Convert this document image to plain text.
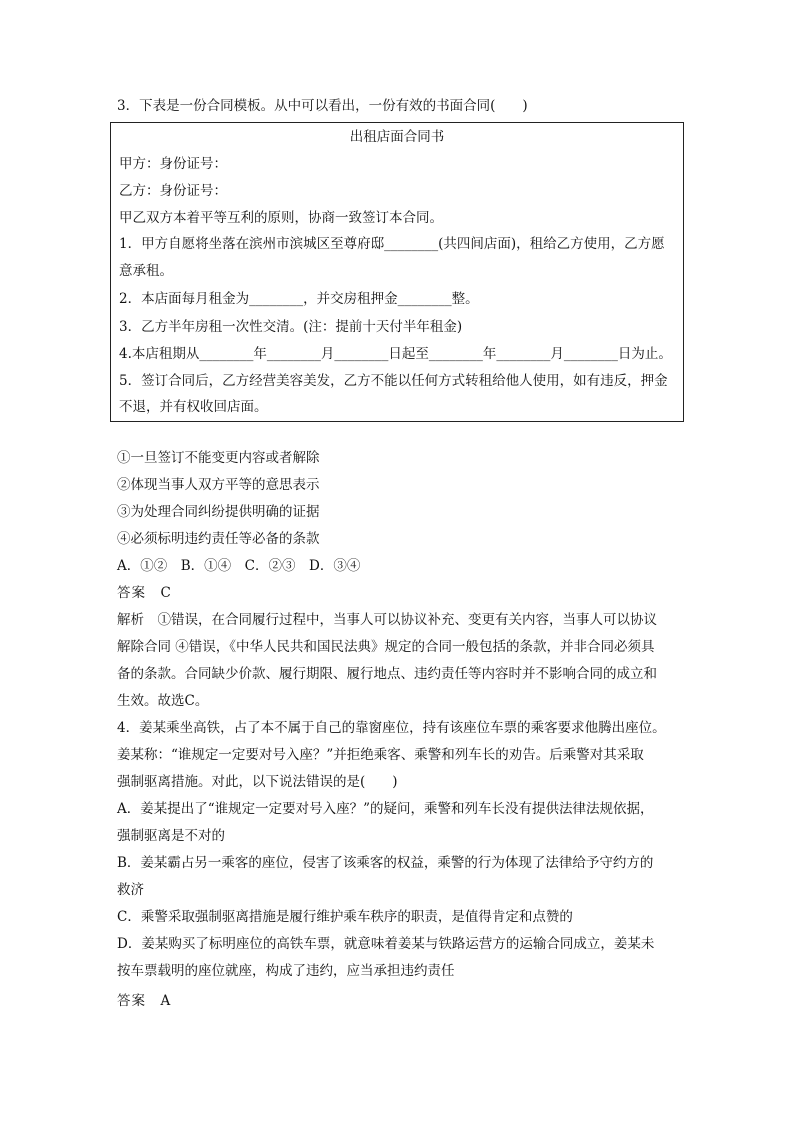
3．下表是一份合同模板。从中可以看出，一份有效的书面合同(　　)
出租店面合同书
甲方：身份证号：
乙方：身份证号：
甲乙双方本着平等互利的原则，协商一致签订本合同。
1．甲方自愿将坐落在滨州市滨城区至尊府邸________(共四间店面)，租给乙方使用，乙方愿
意承租。
2．本店面每月租金为________，并交房租押金________整。
3．乙方半年房租一次性交清。(注：提前十天付半年租金)
4.本店租期从________年________月________日起至________年________月________日为止。
5．签订合同后，乙方经营美容美发，乙方不能以任何方式转租给他人使用，如有违反，押金
不退，并有权收回店面。
①一旦签订不能变更内容或者解除
②体现当事人双方平等的意思表示
③为处理合同纠纷提供明确的证据
④必须标明违约责任等必备的条款
A．①②　B．①④　C．②③　D．③④
答案　C
解析　①错误，在合同履行过程中，当事人可以协议补充、变更有关内容，当事人可以协议
解除合同 ④错误，《中华人民共和国民法典》规定的合同一般包括的条款，并非合同必须具
备的条款。合同缺少价款、履行期限、履行地点、违约责任等内容时并不影响合同的成立和
生效。故选C。
4．姜某乘坐高铁，占了本不属于自己的靠窗座位，持有该座位车票的乘客要求他腾出座位。
姜某称：“谁规定一定要对号入座？”并拒绝乘客、乘警和列车长的劝告。后乘警对其采取
强制驱离措施。对此，以下说法错误的是(　　)
A．姜某提出了“谁规定一定要对号入座？”的疑问，乘警和列车长没有提供法律法规依据，
强制驱离是不对的
B．姜某霸占另一乘客的座位，侵害了该乘客的权益，乘警的行为体现了法律给予守约方的
救济
C．乘警采取强制驱离措施是履行维护乘车秩序的职责，是值得肯定和点赞的
D．姜某购买了标明座位的高铁车票，就意味着姜某与铁路运营方的运输合同成立，姜某未
按车票载明的座位就座，构成了违约，应当承担违约责任
答案　A
